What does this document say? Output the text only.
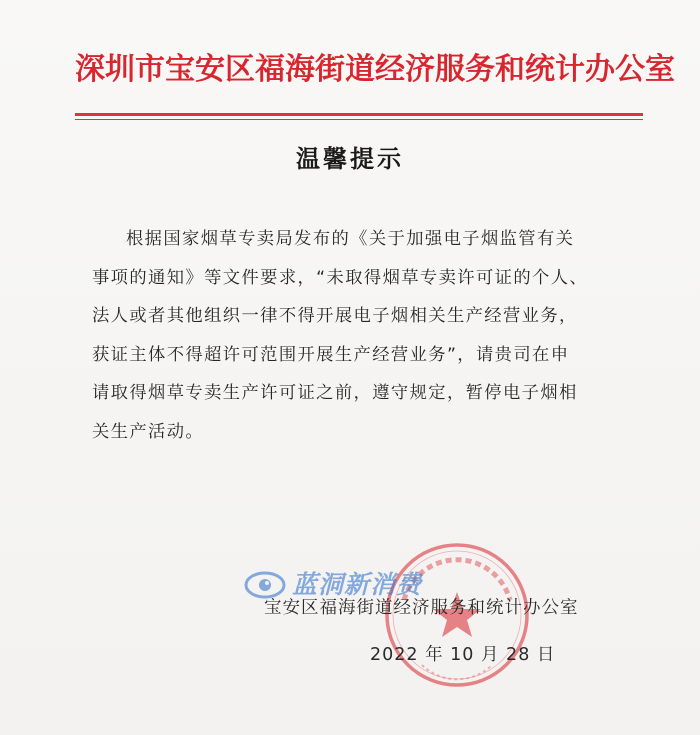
深圳市宝安区福海街道经济服务和统计办公室
温馨提示

根据国家烟草专卖局发布的《关于加强电子烟监管有关

事项的通知》等文件要求，“未取得烟草专卖许可证的个人、

法人或者其他组织一律不得开展电子烟相关生产经营业务，

获证主体不得超许可范围开展生产经营业务”，请贵司在申

请取得烟草专卖生产许可证之前，遵守规定，暂停电子烟相

关生产活动。

宝安区福海街道经济服务和统计办公室
2022 年 10 月 28 日
蓝洞新消费
